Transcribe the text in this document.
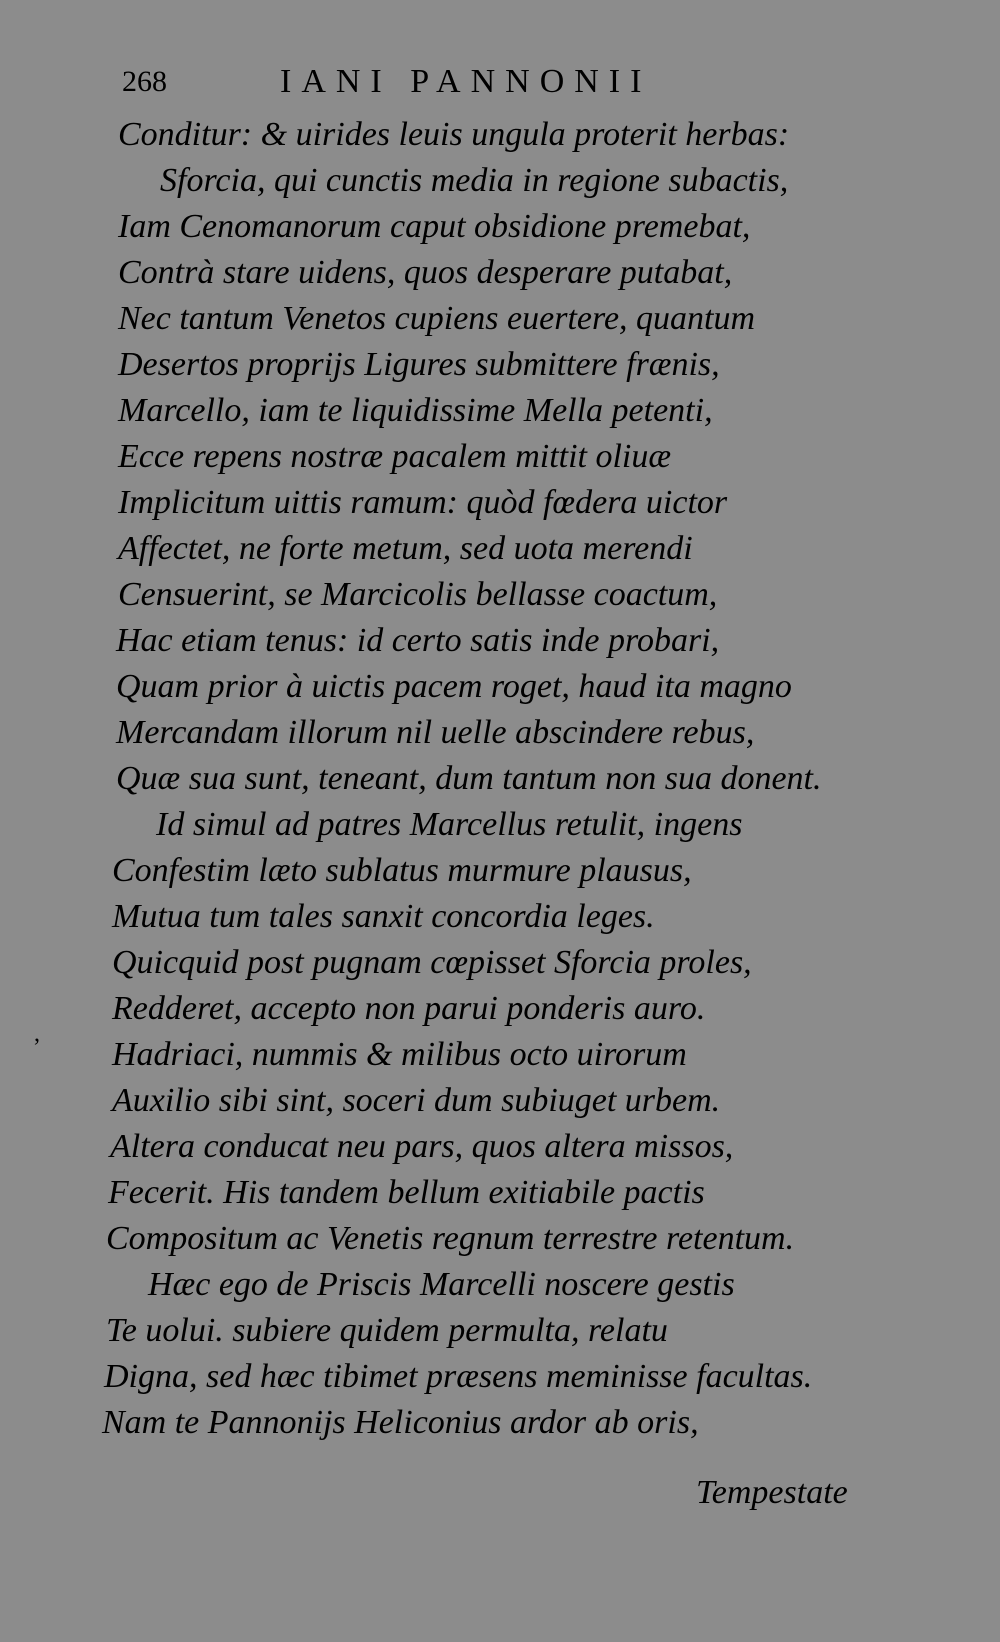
268	IANI PANNONII
Conditur: & uirides leuis ungula proterit herbas:
Sforcia, qui cunctis media in regione subactis,
Iam Cenomanorum caput obsidione premebat,
Contrà stare uidens, quos desperare putabat,
Nec tantum Venetos cupiens euertere, quantum
Desertos proprijs Ligures submittere frænis,
Marcello, iam te liquidissime Mella petenti,
Ecce repens nostræ pacalem mittit oliuæ
Implicitum uittis ramum: quòd fœdera uictor
Affectet, ne forte metum, sed uota merendi
Censuerint, se Marcicolis bellasse coactum,
Hac etiam tenus: id certo satis inde probari,
Quam prior à uictis pacem roget, haud ita magno
Mercandam illorum nil uelle abscindere rebus,
Quæ sua sunt, teneant, dum tantum non sua donent.
Id simul ad patres Marcellus retulit, ingens
Confestim læto sublatus murmure plausus,
Mutua tum tales sanxit concordia leges.
Quicquid post pugnam cœpisset Sforcia proles,
Redderet, accepto non parui ponderis auro.
Hadriaci, nummis & milibus octo uirorum
Auxilio sibi sint, soceri dum subiuget urbem.
Altera conducat neu pars, quos altera missos,
Fecerit. His tandem bellum exitiabile pactis
Compositum ac Venetis regnum terrestre retentum.
Hæc ego de Priscis Marcelli noscere gestis
Te uolui. subiere quidem permulta, relatu
Digna, sed hæc tibimet præsens meminisse facultas.
Nam te Pannonijs Heliconius ardor ab oris,
,
Tempestate
